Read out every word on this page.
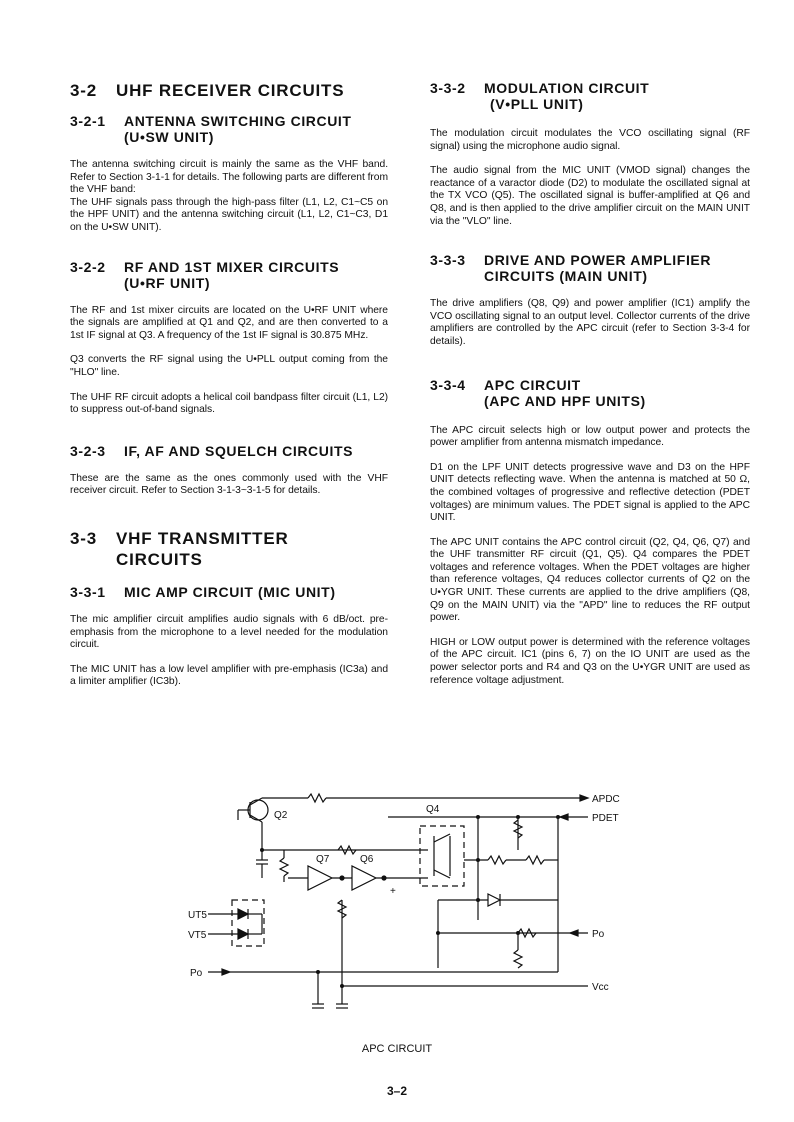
3-2 UHF RECEIVER CIRCUITS
3-2-1	ANTENNA SWITCHING CIRCUIT
(U•SW UNIT)

The antenna switching circuit is mainly the same as the VHF band. Refer to Section 3-1-1 for details. The following parts are different from the VHF band:

The UHF signals pass through the high-pass filter (L1, L2, C1~C5 on the HPF UNIT) and the antenna switching circuit (L1, L2, C1~C3, D1 on the U•SW UNIT).

3-2-2	RF AND 1ST MIXER CIRCUITS
(U•RF UNIT)

The RF and 1st mixer circuits are located on the U•RF UNIT where the signals are amplified at Q1 and Q2, and are then converted to a 1st IF signal at Q3. A frequency of the 1st IF signal is 30.875 MHz.

Q3 converts the RF signal using the U•PLL output coming from the "HLO" line.

The UHF RF circuit adopts a helical coil bandpass filter circuit (L1, L2) to suppress out-of-band signals.

3-2-3	IF, AF AND SQUELCH CIRCUITS

These are the same as the ones commonly used with the VHF receiver circuit. Refer to Section 3-1-3~3-1-5 for details.

3-3 VHF TRANSMITTER
CIRCUITS
3-3-1	MIC AMP CIRCUIT (MIC UNIT)

The mic amplifier circuit amplifies audio signals with 6 dB/oct. pre-emphasis from the microphone to a level needed for the modulation circuit.

The MIC UNIT has a low level amplifier with pre-emphasis (IC3a) and a limiter amplifier (IC3b).

3-3-2	MODULATION CIRCUIT
(V•PLL UNIT)

The modulation circuit modulates the VCO oscillating signal (RF signal) using the microphone audio signal.

The audio signal from the MIC UNIT (VMOD signal) changes the reactance of a varactor diode (D2) to modulate the oscillated signal at the TX VCO (Q5). The oscillated signal is buffer-amplified at Q6 and Q8, and is then applied to the drive amplifier circuit on the MAIN UNIT via the "VLO" line.

3-3-3	DRIVE AND POWER AMPLIFIER
CIRCUITS (MAIN UNIT)

The drive amplifiers (Q8, Q9) and power amplifier (IC1) amplify the VCO oscillating signal to an output level. Collector currents of the drive amplifiers are controlled by the APC circuit (refer to Section 3-3-4 for details).

3-3-4	APC CIRCUIT
(APC AND HPF UNITS)

The APC circuit selects high or low output power and protects the power amplifier from antenna mismatch impedance.

D1 on the LPF UNIT detects progressive wave and D3 on the HPF UNIT detects reflecting wave. When the antenna is matched at 50 Ω, the combined voltages of progressive and reflective detection (PDET voltages) are minimum values. The PDET signal is applied to the APC UNIT.

The APC UNIT contains the APC control circuit (Q2, Q4, Q6, Q7) and the UHF transmitter RF circuit (Q1, Q5). Q4 compares the PDET voltages and reference voltages. When the PDET voltages are higher than reference voltages, Q4 reduces collector currents of Q2 on the U•YGR UNIT. These currents are applied to the drive amplifiers (Q8, Q9 on the MAIN UNIT) via the "APD" line to reduces the RF output power.

HIGH or LOW output power is determined with the reference voltages of the APC circuit. IC1 (pins 6, 7) on the IO UNIT are used as the power selector ports and R4 and Q3 on the U•YGR UNIT are used as reference voltage adjustment.

APDC
PDET
Po
Vcc
Po
UT5
VT5
Q2
Q4
Q6
Q7
+
APC CIRCUIT
3–2
